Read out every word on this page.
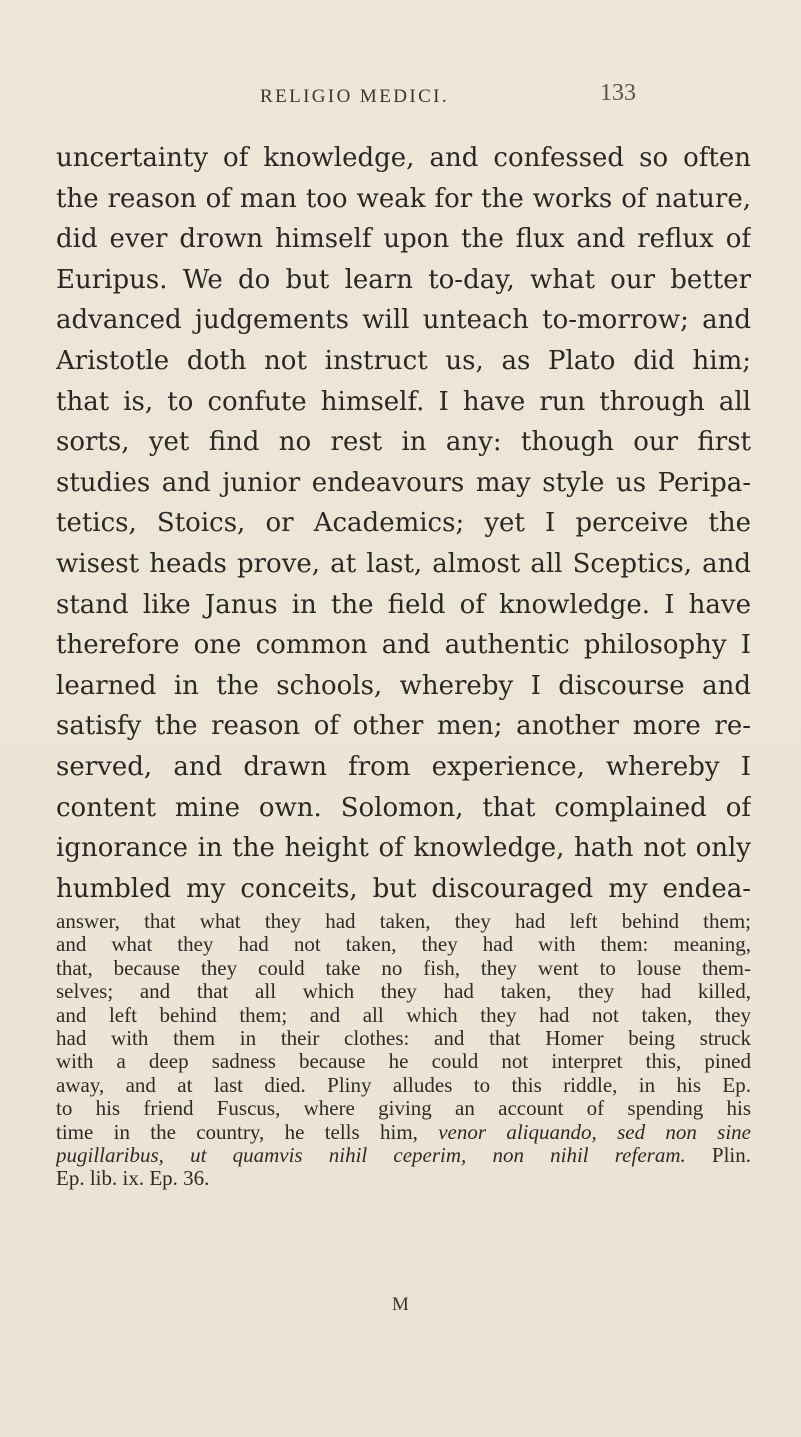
RELIGIO MEDICI.	133
uncertainty of knowledge, and confessed so often
the reason of man too weak for the works of nature,
did ever drown himself upon the flux and reflux of
Euripus. We do but learn to-day, what our better
advanced judgements will unteach to-morrow; and
Aristotle doth not instruct us, as Plato did him;
that is, to confute himself. I have run through all
sorts, yet find no rest in any: though our first
studies and junior endeavours may style us Peripa-
tetics, Stoics, or Academics; yet I perceive the
wisest heads prove, at last, almost all Sceptics, and
stand like Janus in the field of knowledge. I have
therefore one common and authentic philosophy I
learned in the schools, whereby I discourse and
satisfy the reason of other men; another more re-
served, and drawn from experience, whereby I
content mine own. Solomon, that complained of
ignorance in the height of knowledge, hath not only
humbled my conceits, but discouraged my endea-
answer, that what they had taken, they had left behind them;
and what they had not taken, they had with them: meaning,
that, because they could take no fish, they went to louse them-
selves; and that all which they had taken, they had killed,
and left behind them; and all which they had not taken, they
had with them in their clothes: and that Homer being struck
with a deep sadness because he could not interpret this, pined
away, and at last died. Pliny alludes to this riddle, in his Ep.
to his friend Fuscus, where giving an account of spending his
time in the country, he tells him, venor aliquando, sed non sine
pugillaribus, ut quamvis nihil ceperim, non nihil referam. Plin.
Ep. lib. ix. Ep. 36.
M
